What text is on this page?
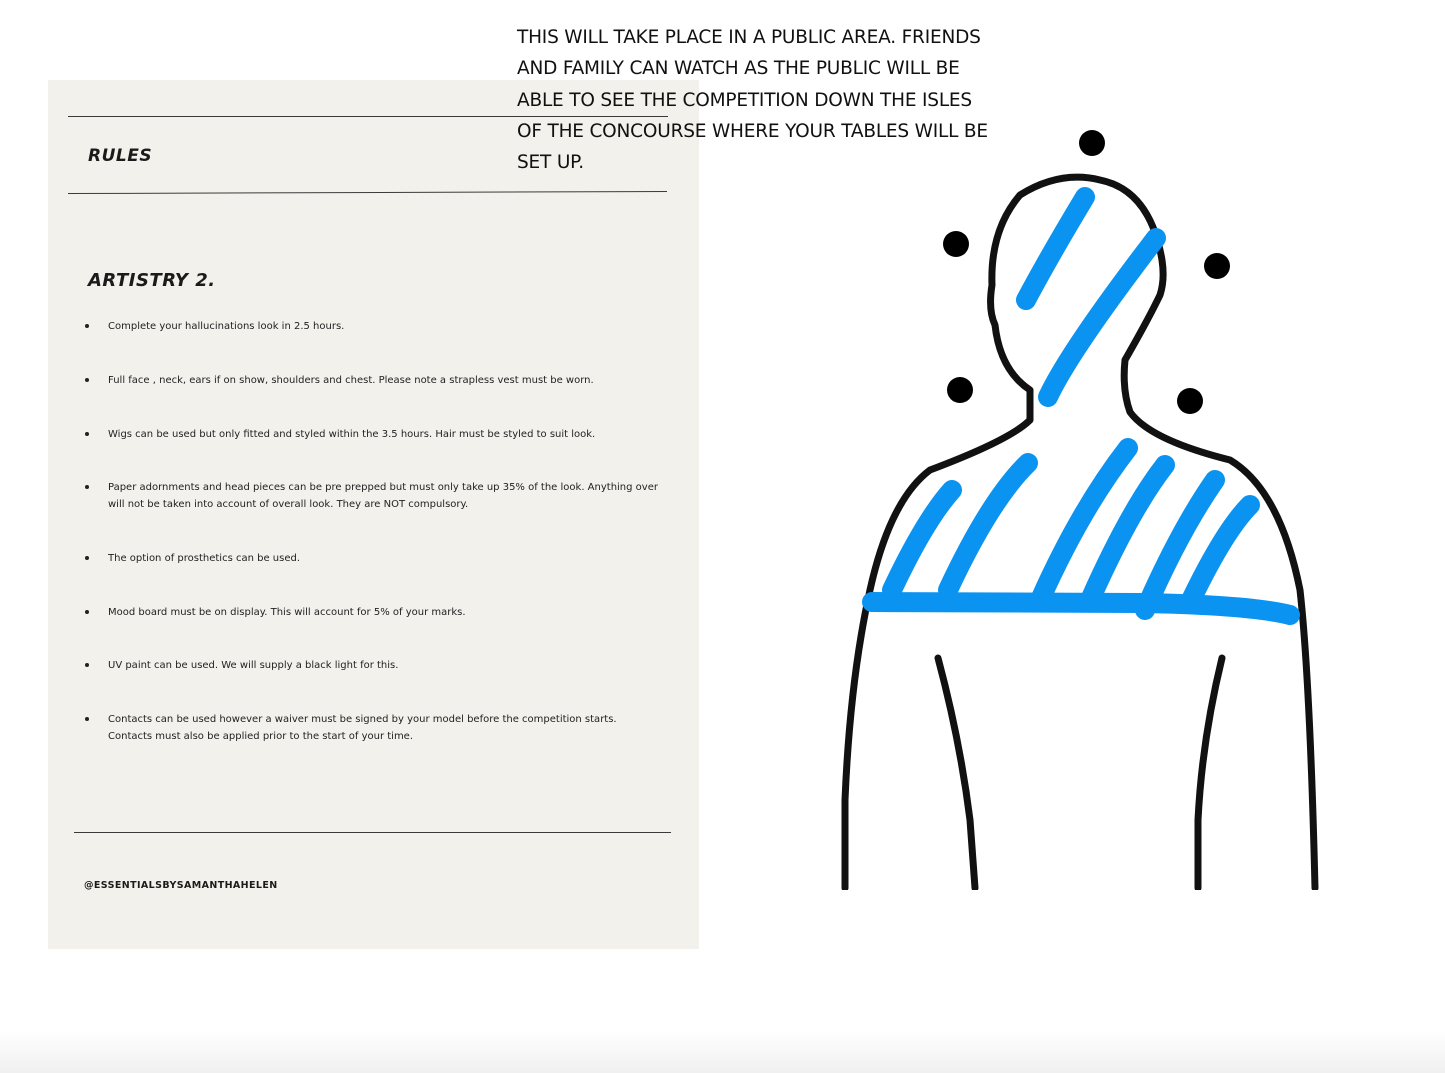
RULES
ARTISTRY 2.
Complete your hallucinations look in 2.5 hours.
Full face , neck, ears if on show, shoulders and chest. Please note a strapless vest must be worn.
Wigs can be used but only fitted and styled within the 3.5 hours. Hair must be styled to suit look.
Paper adornments and head pieces can be pre prepped but must only take up 35% of the look. Anything over will not be taken into account of overall look. They are NOT compulsory.
The option of prosthetics can be used.
Mood board must be on display. This will account for 5% of your marks.
UV paint can be used. We will supply a black light for this.
Contacts can be used however a waiver must be signed by your model before the competition starts. Contacts must also be applied prior to the start of your time.
@ESSENTIALSBYSAMANTHAHELEN

THIS WILL TAKE PLACE IN A PUBLIC AREA. FRIENDS
AND FAMILY CAN WATCH AS THE PUBLIC WILL BE
ABLE TO SEE THE COMPETITION DOWN THE ISLES
OF THE CONCOURSE WHERE YOUR TABLES WILL BE
SET UP.
